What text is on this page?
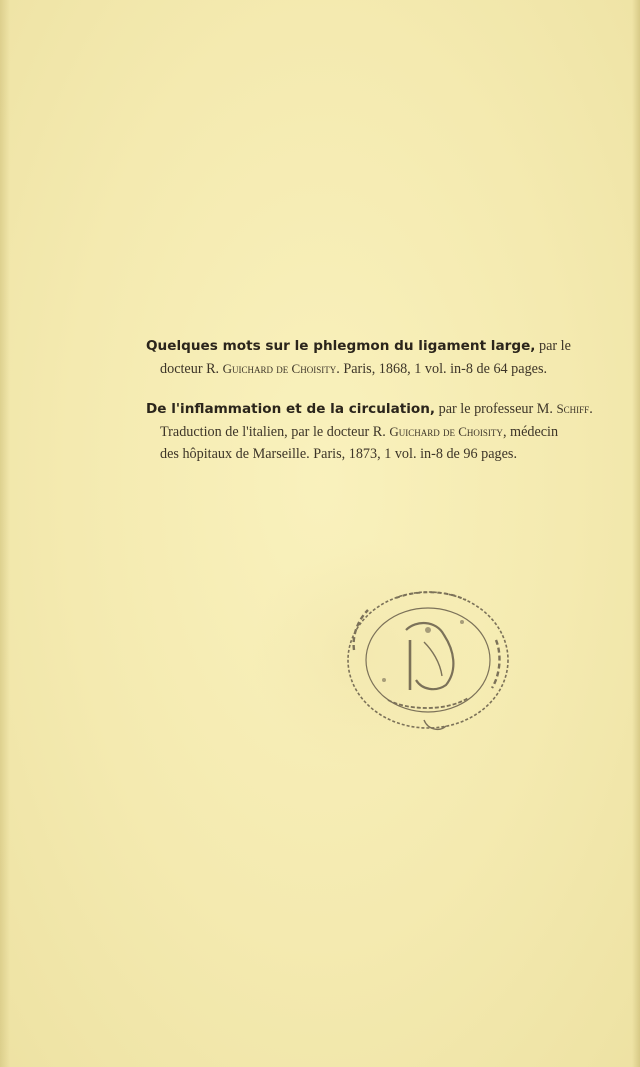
Quelques mots sur le phlegmon du ligament large, par le
docteur R. Guichard de Choisity. Paris, 1868, 1 vol. in-8 de 64 pages.
De l'inflammation et de la circulation, par le professeur M. Schiff.
Traduction de l'italien, par le docteur R. Guichard de Choisity, médecin
des hôpitaux de Marseille. Paris, 1873, 1 vol. in-8 de 96 pages.
